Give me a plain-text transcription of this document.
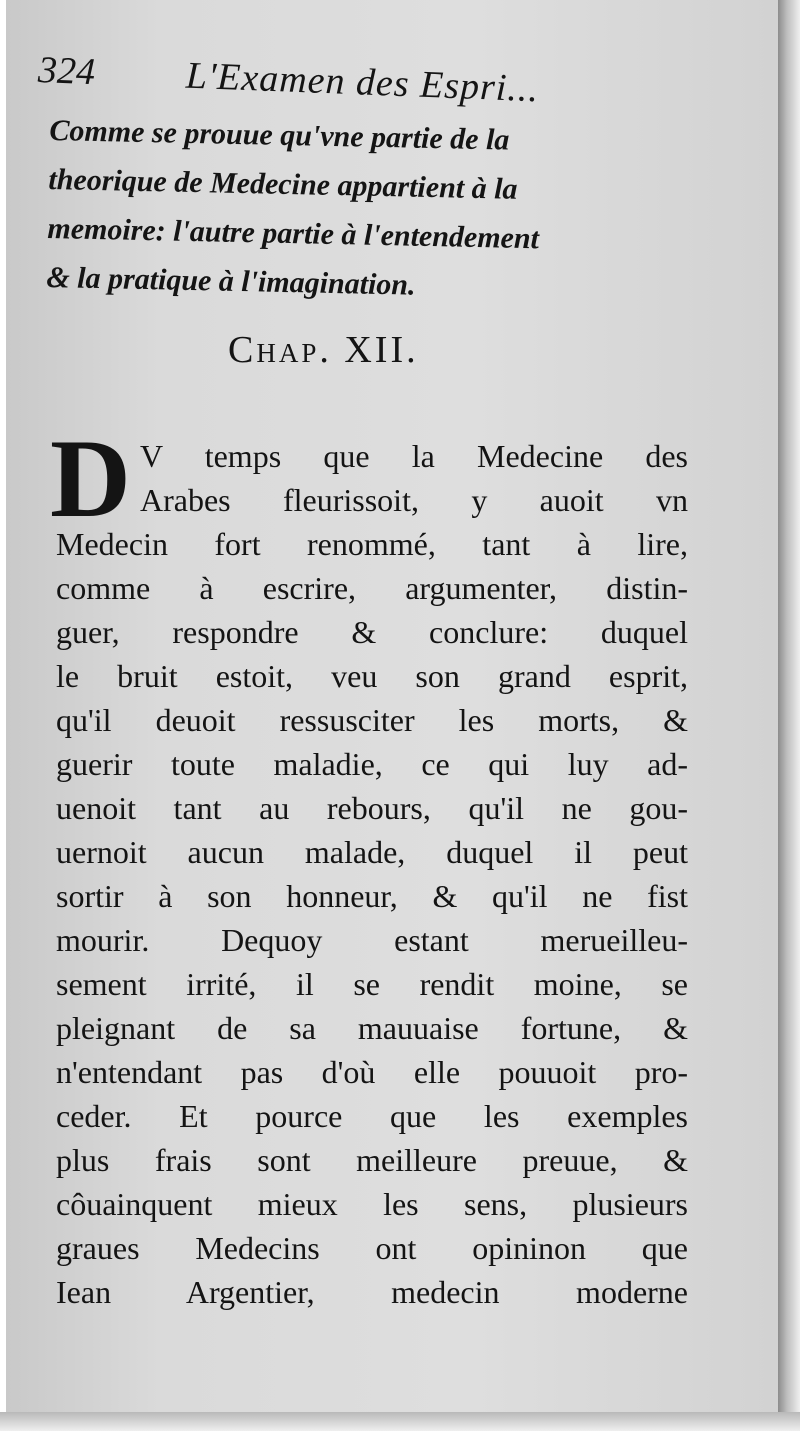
324 L'Examen des Espri...
Comme se prouue qu'vne partie de la
theorique de Medecine appartient à la
memoire: l'autre partie à l'entendement
& la pratique à l'imagination.
Chap. XII.
D V temps que la Medecine des
Arabes fleurissoit, y auoit vn
Medecin fort renommé, tant à lire,
comme à escrire, argumenter, distin-
guer, respondre & conclure: duquel
le bruit estoit, veu son grand esprit,
qu'il deuoit ressusciter les morts, &
guerir toute maladie, ce qui luy ad-
uenoit tant au rebours, qu'il ne gou-
uernoit aucun malade, duquel il peut
sortir à son honneur, & qu'il ne fist
mourir. Dequoy estant merueilleu-
sement irrité, il se rendit moine, se
pleignant de sa mauuaise fortune, &
n'entendant pas d'où elle pouuoit pro-
ceder. Et pource que les exemples
plus frais sont meilleure preuue, &
côuainquent mieux les sens, plusieurs
graues Medecins ont opininon que
Iean Argentier, medecin moderne
